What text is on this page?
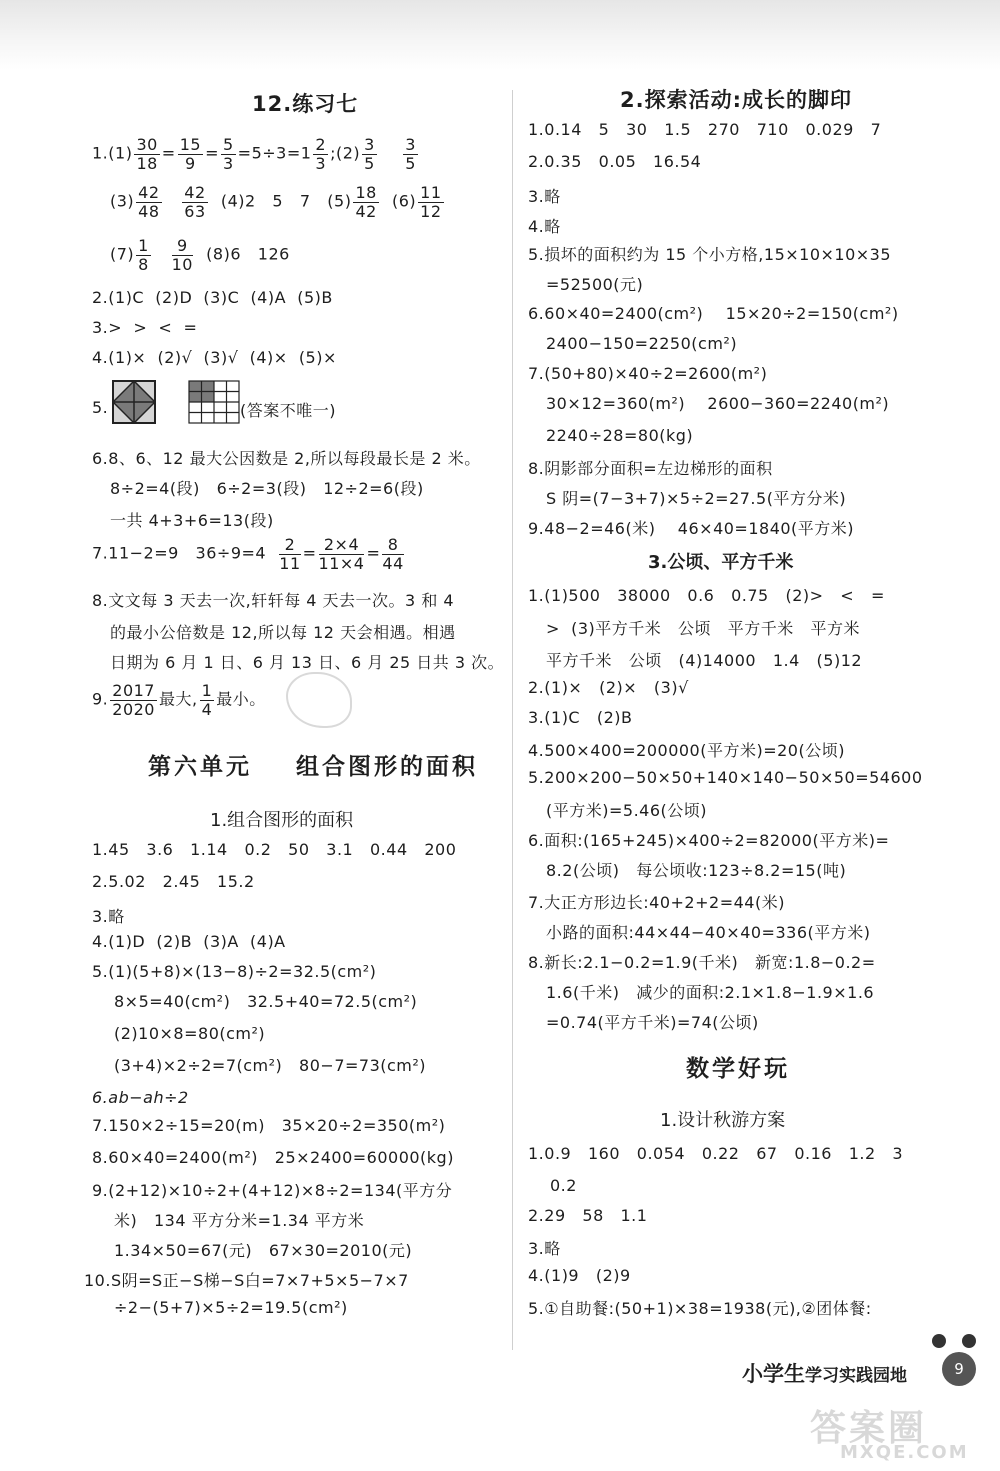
12.练习七
$1.(1) \frac{30}{18} = \frac{15}{9} = \frac{5}{3} =5\div 3=1 \frac{2}{3}$ ;(2) $\frac{3}{5}$
$\frac{3}{5}$
$(3) \frac{42}{48}$
$\frac{42}{63} (4)2$   5   7   $(5) \frac{18}{42} (6) \frac{11}{12}$
$(7) \frac{1}{8}$
$\frac{9}{10} (8)6$   126
2.(1)C  (2)D  (3)C  (4)A  (5)B
3.>  >  <  =
4.(1)×  (2)√  (3)√  (4)×  (5)×
5.	(答案不唯一)
6.8、6、12 最大公因数是 2,所以每段最长是 2 米。
8÷2=4(段)   6÷2=3(段)   12÷2=6(段)
一共 4+3+6=13(段)
7.11−2=9   $36\div 9=4 \frac{2}{11} = \frac{2\times 4}{11\times 4} = \frac{8}{44}$
8.文文每 3 天去一次,轩轩每 4 天去一次。3 和 4
的最小公倍数是 12,所以每 12 天会相遇。相遇
日期为 6 月 1 日、6 月 13 日、6 月 25 日共 3 次。
9. $\frac{2017}{2020}$ 最大, $\frac{1}{4}$ 最小。
第六单元    组合图形的面积
1.组合图形的面积
1.45   3.6   1.14   0.2   50   3.1   0.44   200
2.5.02   2.45   15.2
3.略
4.(1)D  (2)B  (3)A  (4)A
5.(1)(5+8)×(13−8)÷2=32.5(cm²)
8×5=40(cm²)   32.5+40=72.5(cm²)
(2)10×8=80(cm²)
(3+4)×2÷2=7(cm²)   80−7=73(cm²)
6.ab−ah÷2
7.150×2÷15=20(m)   35×20÷2=350(m²)
8.60×40=2400(m²)   25×2400=60000(kg)
9.(2+12)×10÷2+(4+12)×8÷2=134(平方分
米)   134 平方分米=1.34 平方米
1.34×50=67(元)   67×30=2010(元)
10.S阴=S正−S梯−S白=7×7+5×5−7×7
÷2−(5+7)×5÷2=19.5(cm²)
2.探索活动:成长的脚印
1.0.14   5   30   1.5   270   710   0.029   7
2.0.35   0.05   16.54
3.略
4.略
5.损坏的面积约为 15 个小方格,15×10×10×35
=52500(元)
6.60×40=2400(cm²)    15×20÷2=150(cm²)
2400−150=2250(cm²)
7.(50+80)×40÷2=2600(m²)
30×12=360(m²)    2600−360=2240(m²)
2240÷28=80(kg)
8.阴影部分面积=左边梯形的面积
S 阴=(7−3+7)×5÷2=27.5(平方分米)
9.48−2=46(米)    46×40=1840(平方米)
3.公顷、平方千米
1.(1)500   38000   0.6   0.75   (2)>   <   =
>  (3)平方千米   公顷   平方千米   平方米
平方千米   公顷   (4)14000   1.4   (5)12
2.(1)×   (2)×   (3)√
3.(1)C   (2)B
4.500×400=200000(平方米)=20(公顷)
5.200×200−50×50+140×140−50×50=54600
(平方米)=5.46(公顷)
6.面积:(165+245)×400÷2=82000(平方米)=
8.2(公顷)   每公顷收:123÷8.2=15(吨)
7.大正方形边长:40+2+2=44(米)
小路的面积:44×44−40×40=336(平方米)
8.新长:2.1−0.2=1.9(千米)   新宽:1.8−0.2=
1.6(千米)   减少的面积:2.1×1.8−1.9×1.6
=0.74(平方千米)=74(公顷)
数学好玩
1.设计秋游方案
1.0.9   160   0.054   0.22   67   0.16   1.2   3
0.2
2.29   58   1.1
3.略
4.(1)9   (2)9
5.①自助餐:(50+1)×38=1938(元),②团体餐:
小学生学习实践园地	9
答案圈
MXQE.COM
